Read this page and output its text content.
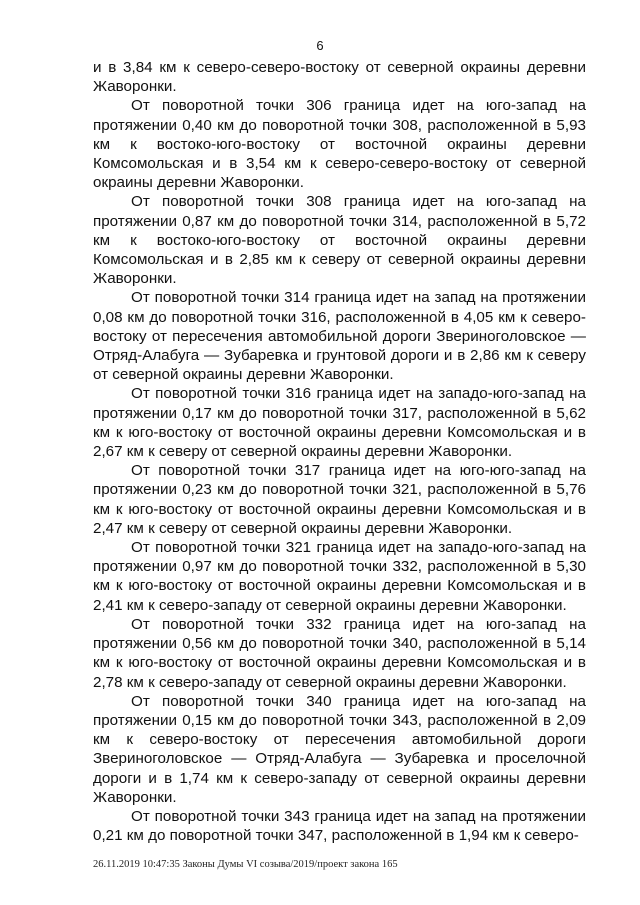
6

и в 3,84 км к северо-северо-востоку от северной окраины деревни Жаворонки.

От поворотной точки 306 граница идет на юго-запад на протяжении 0,40 км до поворотной точки 308, расположенной в 5,93 км к востоко-юго-востоку от восточной окраины деревни Комсомольская и в 3,54 км к северо-северо-востоку от северной окраины деревни Жаворонки.

От поворотной точки 308 граница идет на юго-запад на протяжении 0,87 км до поворотной точки 314, расположенной в 5,72 км к востоко-юго-востоку от восточной окраины деревни Комсомольская и в 2,85 км к северу от северной окраины деревни Жаворонки.

От поворотной точки 314 граница идет на запад на протяжении 0,08 км до поворотной точки 316, расположенной в 4,05 км к северо-востоку от пересечения автомобильной дороги Звериноголовское — Отряд-Алабуга — Зубаревка и грунтовой дороги и в 2,86 км к северу от северной окраины деревни Жаворонки.

От поворотной точки 316 граница идет на западо-юго-запад на протяжении 0,17 км до поворотной точки 317, расположенной в 5,62 км к юго-востоку от восточной окраины деревни Комсомольская и в 2,67 км к северу от северной окраины деревни Жаворонки.

От поворотной точки 317 граница идет на юго-юго-запад на протяжении 0,23 км до поворотной точки 321, расположенной в 5,76 км к юго-востоку от восточной окраины деревни Комсомольская и в 2,47 км к северу от северной окраины деревни Жаворонки.

От поворотной точки 321 граница идет на западо-юго-запад на протяжении 0,97 км до поворотной точки 332, расположенной в 5,30 км к юго-востоку от восточной окраины деревни Комсомольская и в 2,41 км к северо-западу от северной окраины деревни Жаворонки.

От поворотной точки 332 граница идет на юго-запад на протяжении 0,56 км до поворотной точки 340, расположенной в 5,14 км к юго-востоку от восточной окраины деревни Комсомольская и в 2,78 км к северо-западу от северной окраины деревни Жаворонки.

От поворотной точки 340 граница идет на юго-запад на протяжении 0,15 км до поворотной точки 343, расположенной в 2,09 км к северо-востоку от пересечения автомобильной дороги Звериноголовское — Отряд-Алабуга — Зубаревка и проселочной дороги и в 1,74 км к северо-западу от северной окраины деревни Жаворонки.

От поворотной точки 343 граница идет на запад на протяжении 0,21 км до поворотной точки 347, расположенной в 1,94 км к северо-

26.11.2019 10:47:35 Законы Думы VI созыва/2019/проект закона 165
